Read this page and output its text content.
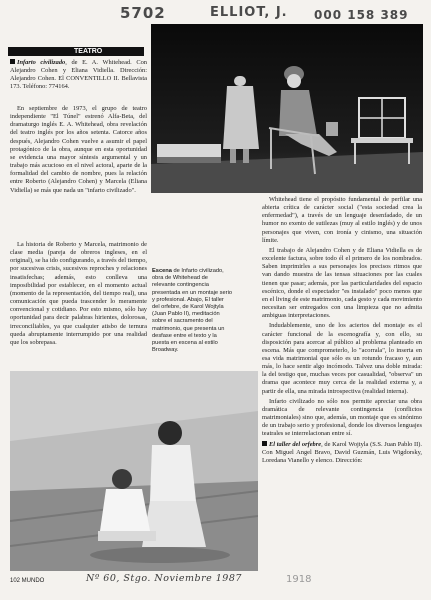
5702	ELLIOT, J. 000 158 389
TEATRO

Infarto civilizado, de E. A. Whitehead. Con Alejandro Cohen y Eliana Vidiella. Dirección: Alejandro Cohen. El CONVENTILLO II. Bellavista 173. Teléfono: 774164.

En septiembre de 1973, el grupo de teatro independiente "El Túnel" estrenó Alfa-Beta, del dramaturgo inglés E. A. Whitehead, obra revelación del teatro inglés por los años setenta. Catorce años después, Alejandro Cohen vuelve a asumir el papel protagónico de la obra, aunque en esta oportunidad se evidencia una mayor síntesis argumental y un trabajo más acucioso en el nivel actoral, aparte de la formalidad del cambio de nombre, pues la relación entre Roberto (Alejandro Cohen) y Marcela (Eliana Vidiella) se más que nada un "infarto civilizado".

La historia de Roberto y Marcela, matrimonio de clase media (pareja de obreros ingleses, en el original), se ha ido configurando, a través del tiempo, por sucesivas crisis, sucesivos reproches y relaciones insatisfechas; además, esto conlleva una imposibilidad por establecer, en el momento actual (momento de la representación, del tiempo real), una comunicación que pueda trascender lo meramente convencional y cotidiano. Por esto mismo, sólo hay oportunidad para decir palabras hirientes, dolorosas, irreconciliables, ya que cualquier atisbo de ternura queda abruptamente interrumpido por una realidad que los sobrepasa.

Escena de Infarto civilizado, obra de Whitehead de relevante contingencia presentada en un montaje serio y profesional. Abajo, El taller del orfebre, de Karol Wojtyla (Juan Pablo II), meditación sobre el sacramento del matrimonio, que presenta un desfase entre el texto y la puesta en escena al estilo Broadway.

Whitehead tiene el propósito fundamental de perfilar una abierta crítica de carácter social ("esta sociedad crea la enfermedad"), a través de un lenguaje desenfadado, de un humor no exento de sutilezas (muy al estilo inglés) y de unos personajes que viven, con ironía y cinismo, una situación límite.

El trabajo de Alejandro Cohen y de Eliana Vidiella es de excelente factura, sobre todo él el primero de los nombrados. Saben imprimirles a sus personajes los precisos ritmos que van dando muestra de las tensas situaciones por las cuales tienen que pasar; además, por las particularidades del espacio escénico, donde el espectador "es instalado" poco menos que en el living de este matrimonio, cada gesto y cada movimiento necesitan ser entregados con una limpieza que no admita ambiguas interpretaciones.

Indudablemente, uno de los aciertos del montaje es el carácter funcional de la escenografía y, con ello, su disposición para acercar al público al problema planteado en escena. Más que comprometerlo, lo "acorrala", lo inserta en esa vida matrimonial que sólo es un rotundo fracaso y, aun más, lo hace sentir algo incómodo. Talvez una doble mirada: la del testigo que, muchas veces por casualidad, "observa" un drama que acontece muy cerca de la realidad externa y, a partir de ella, una mirada introspectiva (realidad interna).

Infarto civilizado no sólo nos permite apreciar una obra dramática de relevante contingencia (conflictos matrimoniales) sino que, además, un montaje que es sinónimo de un trabajo serio y profesional, donde los diversos lenguajes teatrales se interrelacionan entre sí.

El taller del orfebre, de Karol Wojtyla (S.S. Juan Pablo II). Con Miguel Angel Bravo, David Guzmán, Luis Wigdorsky, Loredana Vianello y elenco. Dirección:

102 MUNDO	Nº 60, Stgo. Noviembre 1987	1918
